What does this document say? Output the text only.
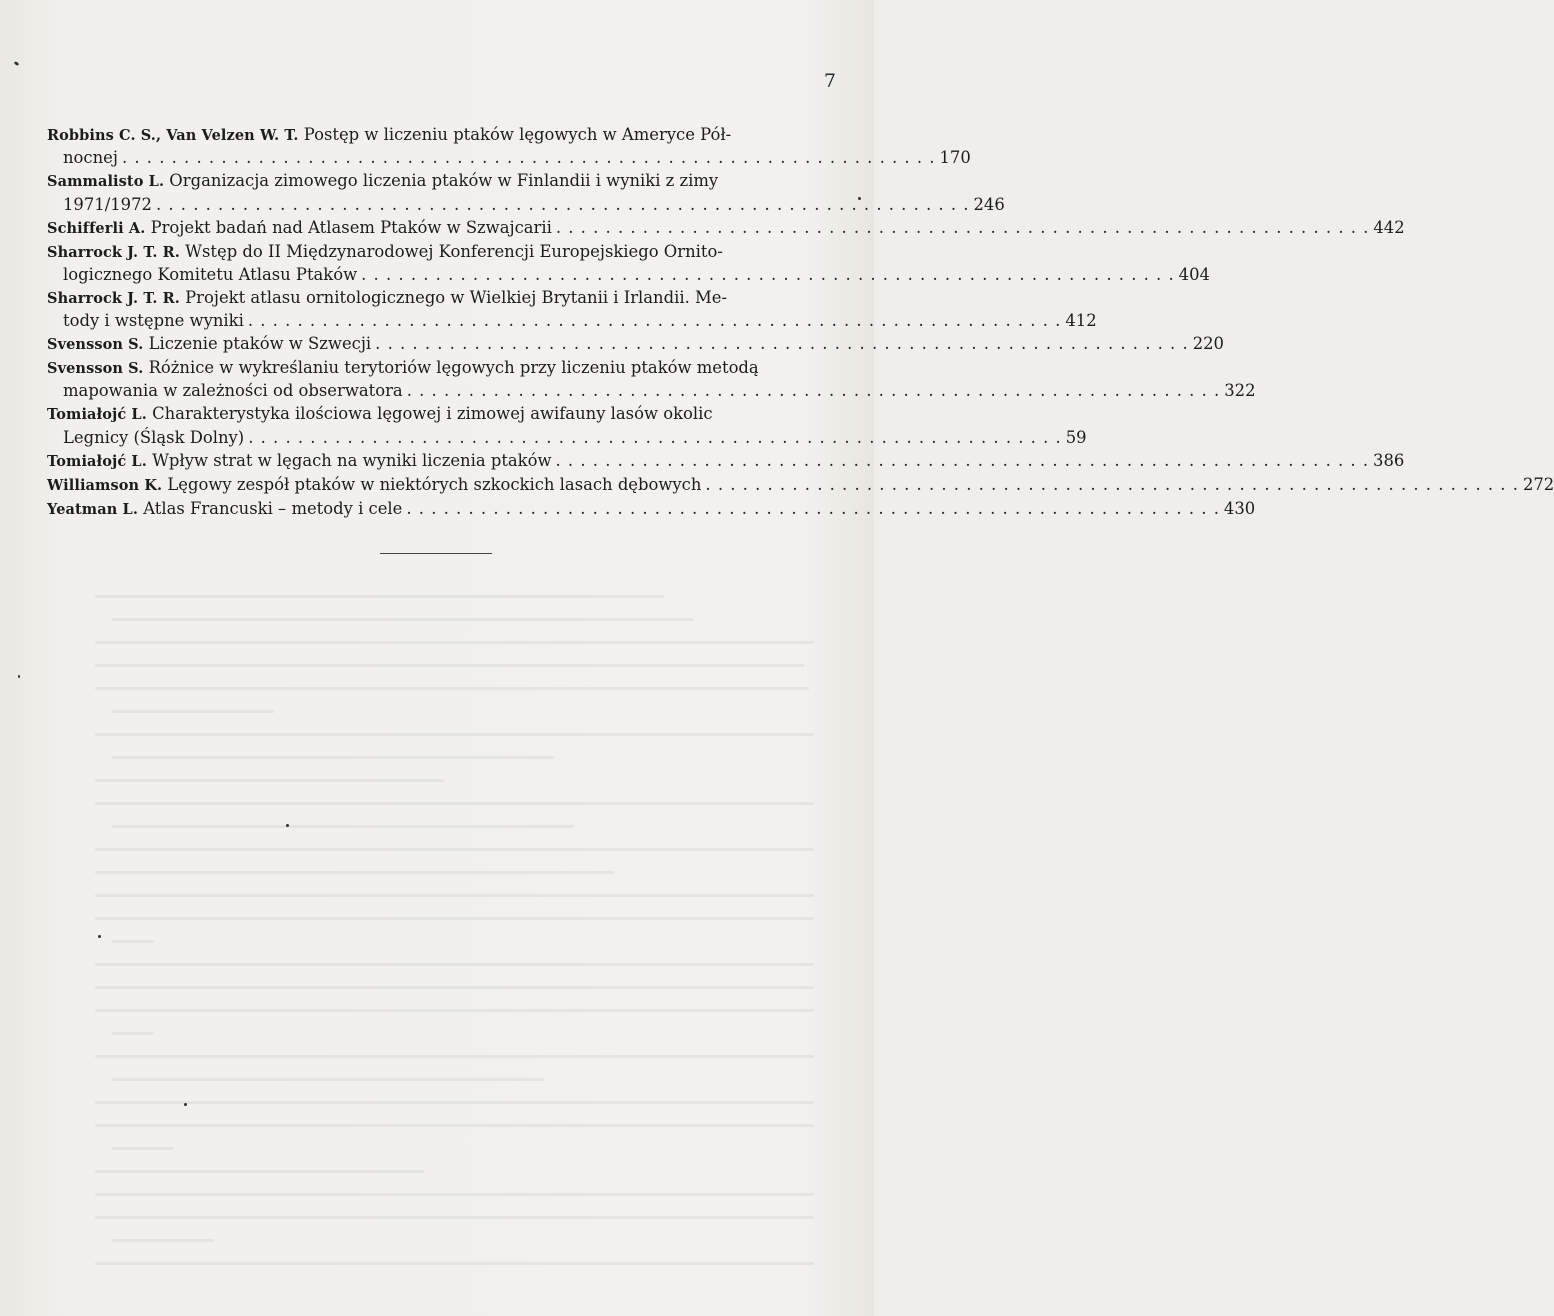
7
Robbins C. S., Van Velzen W. T. Postęp w liczeniu ptaków lęgowych w Ameryce Pół-
nocnej . . .	170
Sammalisto L. Organizacja zimowego liczenia ptaków w Finlandii i wyniki z zimy
1971/1972 . . .	246
Schifferli A. Projekt badań nad Atlasem Ptaków w Szwajcarii . . .	442
Sharrock J. T. R. Wstęp do II Międzynarodowej Konferencji Europejskiego Ornito-
logicznego Komitetu Atlasu Ptaków . . .	404
Sharrock J. T. R. Projekt atlasu ornitologicznego w Wielkiej Brytanii i Irlandii. Me-
tody i wstępne wyniki . . .	412
Svensson S. Liczenie ptaków w Szwecji . . .	220
Svensson S. Różnice w wykreślaniu terytoriów lęgowych przy liczeniu ptaków metodą
mapowania w zależności od obserwatora . . .	322
Tomiałojć L. Charakterystyka ilościowa lęgowej i zimowej awifauny lasów okolic
Legnicy (Śląsk Dolny) . . .	59
Tomiałojć L. Wpływ strat w lęgach na wyniki liczenia ptaków . . .	386
Williamson K. Lęgowy zespół ptaków w niektórych szkockich lasach dębowych . . .	272
Yeatman L. Atlas Francuski – metody i cele . . .	430
